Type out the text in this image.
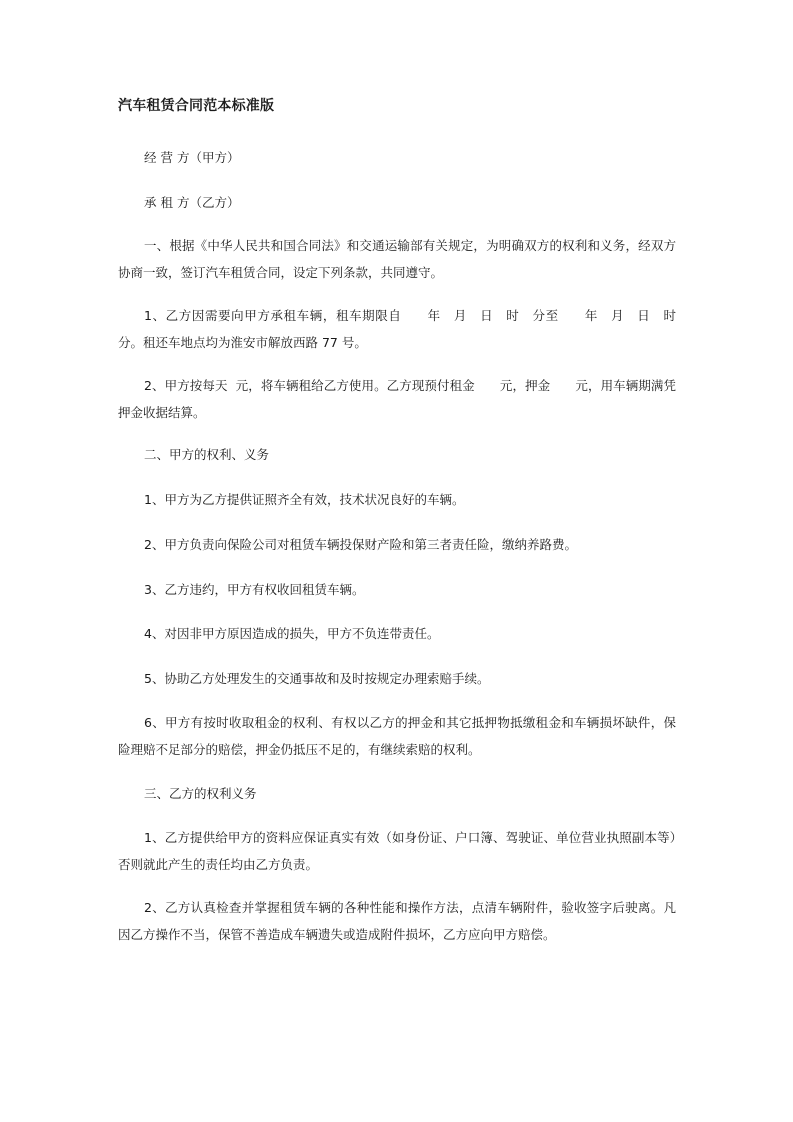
汽车租赁合同范本标准版
经 营 方（甲方）
承 租 方（乙方）
一、根据《中华人民共和国合同法》和交通运输部有关规定，为明确双方的权利和义务，经双方协商一致，签订汽车租赁合同，设定下列条款，共同遵守。
1、乙方因需要向甲方承租车辆，租车期限自　　年　月　日　时　分至　　年　月　日　时　分。租还车地点均为淮安市解放西路 77 号。
2、甲方按每天  元，将车辆租给乙方使用。乙方现预付租金　　元，押金　　元，用车辆期满凭押金收据结算。
二、甲方的权利、义务
1、甲方为乙方提供证照齐全有效，技术状况良好的车辆。
2、甲方负责向保险公司对租赁车辆投保财产险和第三者责任险，缴纳养路费。
3、乙方违约，甲方有权收回租赁车辆。
4、对因非甲方原因造成的损失，甲方不负连带责任。
5、协助乙方处理发生的交通事故和及时按规定办理索赔手续。
6、甲方有按时收取租金的权利、有权以乙方的押金和其它抵押物抵缴租金和车辆损坏缺件，保险理赔不足部分的赔偿，押金仍抵压不足的，有继续索赔的权利。
三、乙方的权利义务
1、乙方提供给甲方的资料应保证真实有效（如身份证、户口簿、驾驶证、单位营业执照副本等）否则就此产生的责任均由乙方负责。
2、乙方认真检查并掌握租赁车辆的各种性能和操作方法，点清车辆附件，验收签字后驶离。凡因乙方操作不当，保管不善造成车辆遗失或造成附件损坏，乙方应向甲方赔偿。
